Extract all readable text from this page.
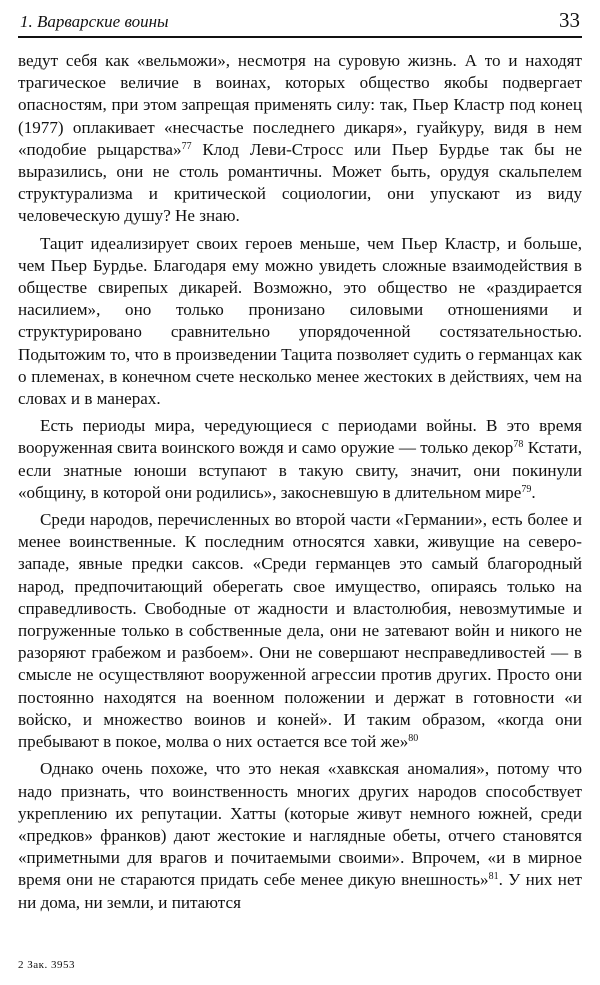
1. Варварские воины	33

ведут себя как «вельможи», несмотря на суровую жизнь. А то и находят трагическое величие в воинах, которых общество якобы подвергает опасностям, при этом запрещая применять силу: так, Пьер Кластр под конец (1977) оплакивает «несчастье последнего дикаря», гуайкуру, видя в нем «подобие рыцарства»$^{77}$ Клод Леви-Стросс или Пьер Бурдье так бы не выразились, они не столь романтичны. Может быть, орудуя скальпелем структурализма и критической социологии, они упускают из виду человеческую душу? Не знаю.

Тацит идеализирует своих героев меньше, чем Пьер Кластр, и больше, чем Пьер Бурдье. Благодаря ему можно увидеть сложные взаимодействия в обществе свирепых дикарей. Возможно, это общество не «раздирается насилием», оно только пронизано силовыми отношениями и структурировано сравнительно упорядоченной состязательностью. Подытожим то, что в произведении Тацита позволяет судить о германцах как о племенах, в конечном счете несколько менее жестоких в действиях, чем на словах и в манерах.

Есть периоды мира, чередующиеся с периодами войны. В это время вооруженная свита воинского вождя и само оружие — только декор$^{78}$ Кстати, если знатные юноши вступают в такую свиту, значит, они покинули «общину, в которой они родились», закосневшую в длительном мире$^{79}$.

Среди народов, перечисленных во второй части «Германии», есть более и менее воинственные. К последним относятся хавки, живущие на северо-западе, явные предки саксов. «Среди германцев это самый благородный народ, предпочитающий оберегать свое имущество, опираясь только на справедливость. Свободные от жадности и властолюбия, невозмутимые и погруженные только в собственные дела, они не затевают войн и никого не разоряют грабежом и разбоем». Они не совершают несправедливостей — в смысле не осуществляют вооруженной агрессии против других. Просто они постоянно находятся на военном положении и держат в готовности «и войско, и множество воинов и коней». И таким образом, «когда они пребывают в покое, молва о них остается все той же»$^{80}$

Однако очень похоже, что это некая «хавкская аномалия», потому что надо признать, что воинственность многих других народов способствует укреплению их репутации. Хатты (которые живут немного южней, среди «предков» франков) дают жестокие и наглядные обеты, отчего становятся «приметными для врагов и почитаемыми своими». Впрочем, «и в мирное время они не стараются придать себе менее дикую внешность»$^{81}$. У них нет ни дома, ни земли, и питаются

2 Зак. 3953
